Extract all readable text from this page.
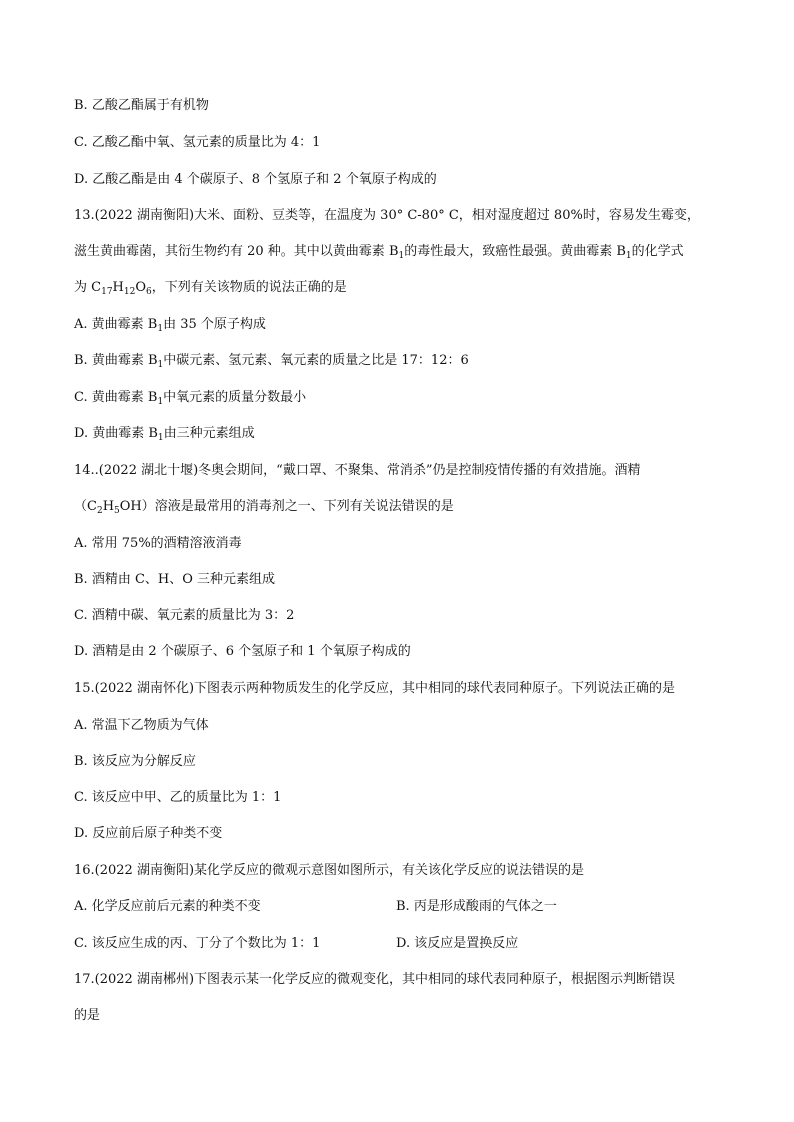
B. 乙酸乙酯属于有机物
C. 乙酸乙酯中氧、氢元素的质量比为 4：1
D. 乙酸乙酯是由 4 个碳原子、8 个氢原子和 2 个氧原子构成的
13.(2022 湖南衡阳)大米、面粉、豆类等，在温度为 30° C-80° C，相对湿度超过 80%时，容易发生霉变，
滋生黄曲霉菌，其衍生物约有 20 种。其中以黄曲霉素 $B_1$的毒性最大，致癌性最强。黄曲霉素 $B_1$的化学式
为 $C_{17}H_{12}O_6$，下列有关该物质的说法正确的是
A. 黄曲霉素 $B_1$由 35 个原子构成
B. 黄曲霉素 $B_1$中碳元素、氢元素、氧元素的质量之比是 17：12：6
C. 黄曲霉素 $B_1$中氧元素的质量分数最小
D. 黄曲霉素 $B_1$由三种元素组成
14..(2022 湖北十堰)冬奥会期间，“戴口罩、不聚集、常消杀”仍是控制疫情传播的有效措施。酒精
$(C_2H_5OH)$溶液是最常用的消毒剂之一、下列有关说法错误的是
A. 常用 75%的酒精溶液消毒
B. 酒精由 C、H、O 三种元素组成
C. 酒精中碳、氧元素的质量比为 3：2
D. 酒精是由 2 个碳原子、6 个氢原子和 1 个氧原子构成的
15.(2022 湖南怀化)下图表示两种物质发生的化学反应，其中相同的球代表同种原子。下列说法正确的是
A. 常温下乙物质为气体
B. 该反应为分解反应
C. 该反应中甲、乙的质量比为 1：1
D. 反应前后原子种类不变
16.(2022 湖南衡阳)某化学反应的微观示意图如图所示，有关该化学反应的说法错误的是
A. 化学反应前后元素的种类不变	B. 丙是形成酸雨的气体之一
C. 该反应生成的丙、丁分了个数比为 1：1	D. 该反应是置换反应
17.(2022 湖南郴州)下图表示某一化学反应的微观变化，其中相同的球代表同种原子，根据图示判断错误
的是
